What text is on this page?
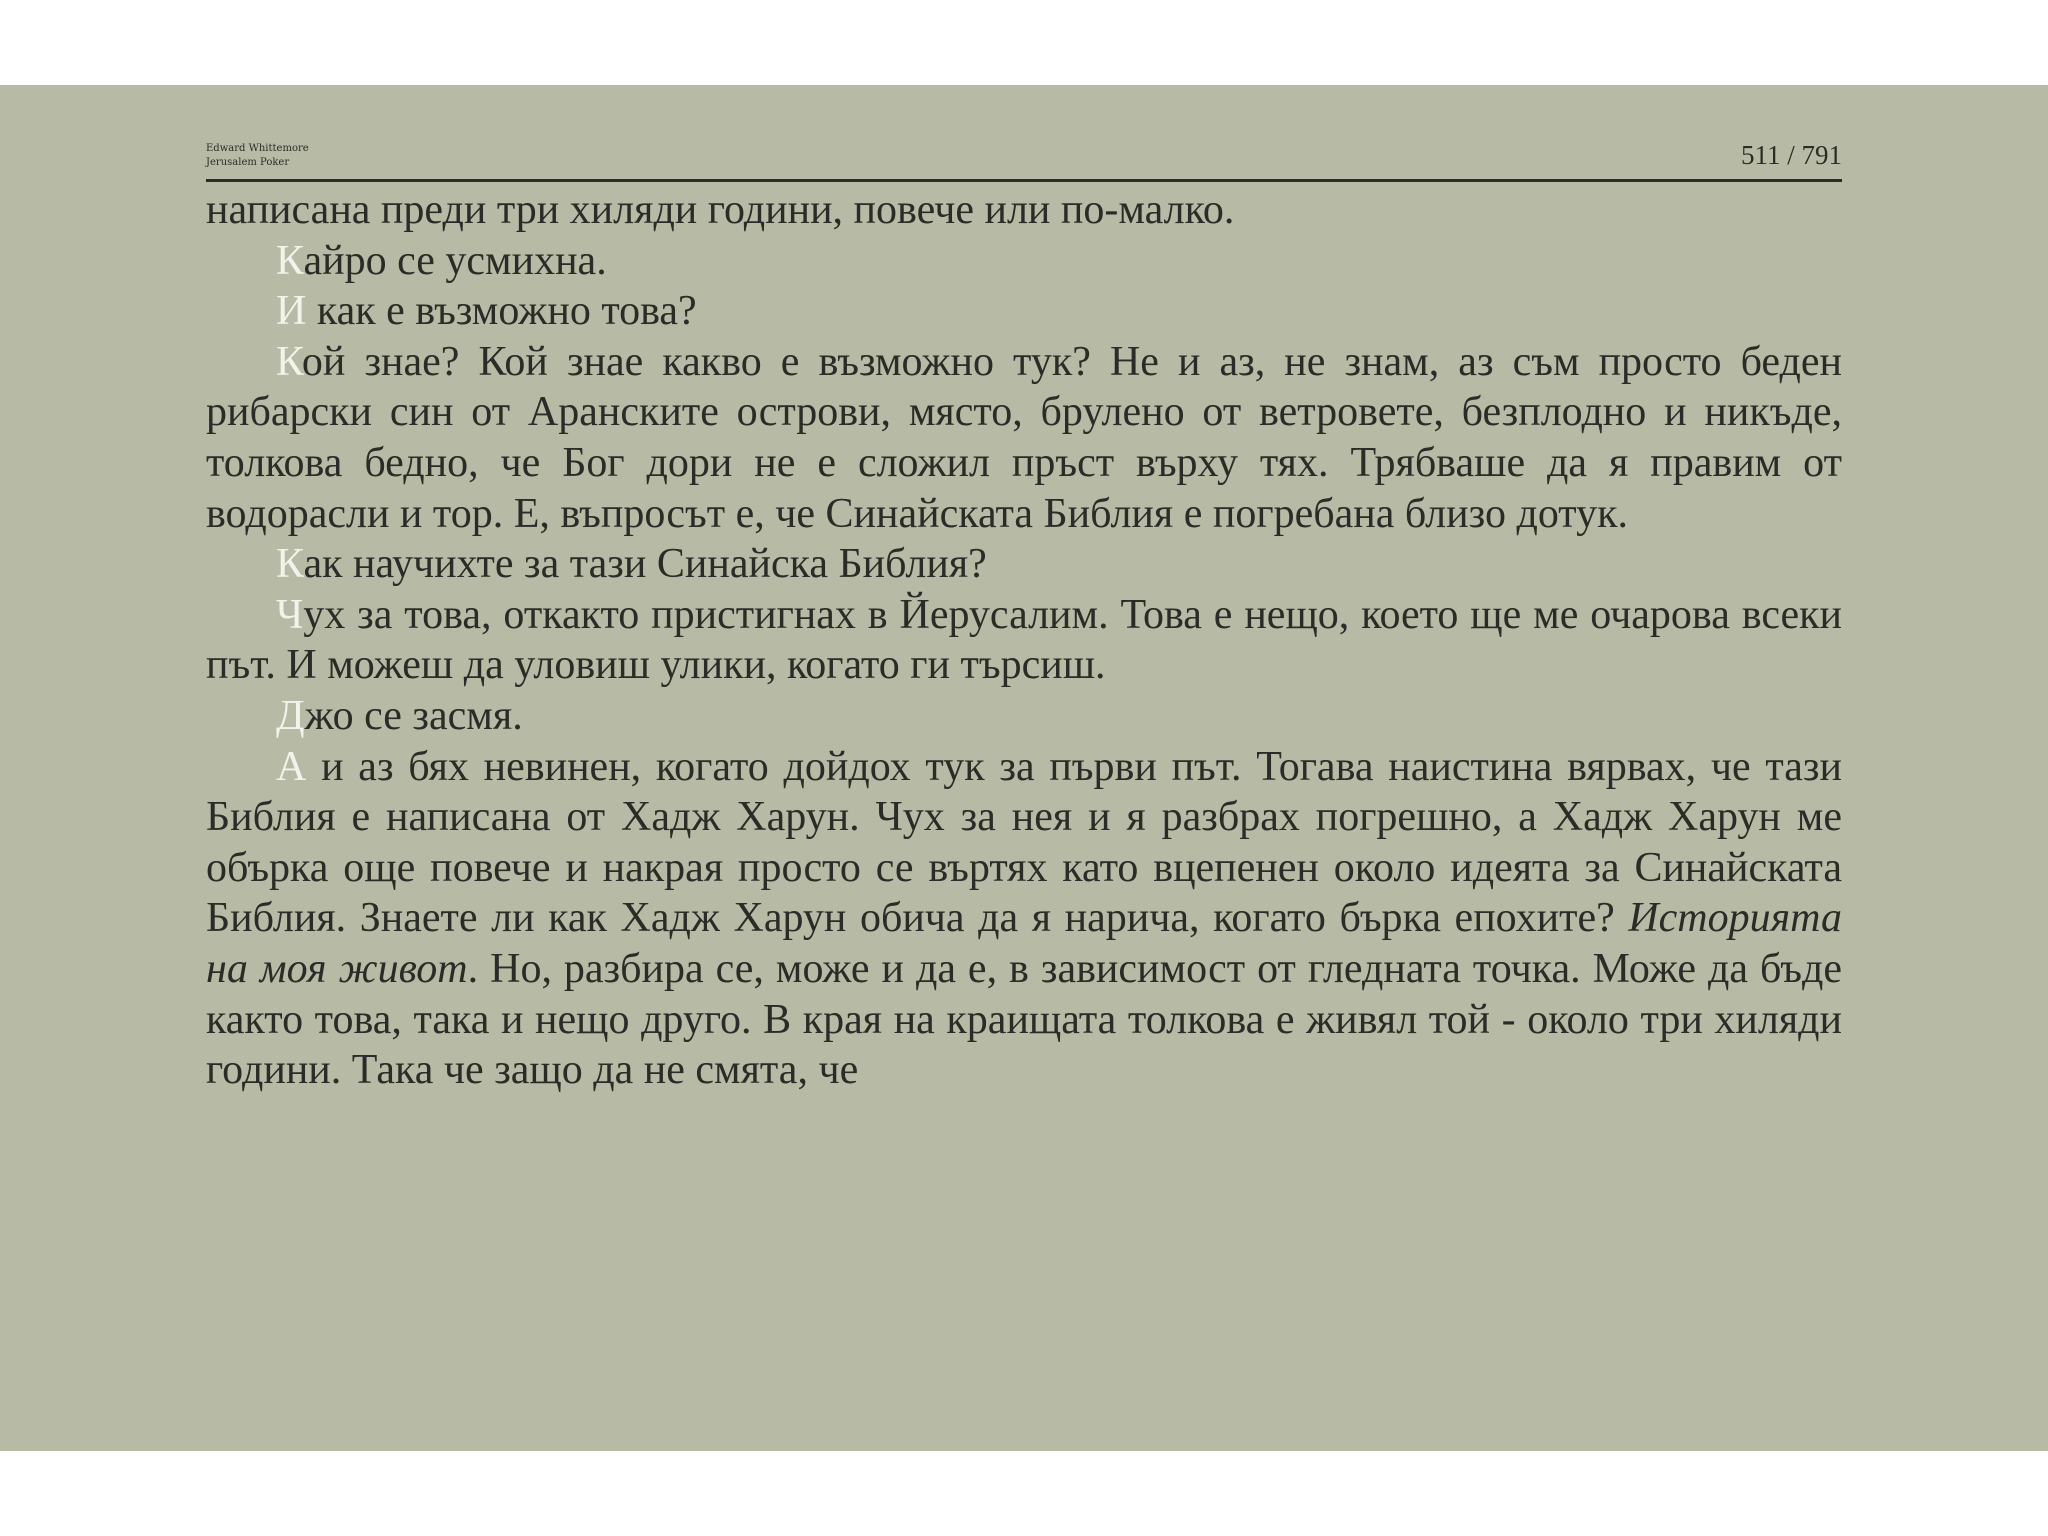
Edward Whittemore
Jerusalem Poker	511 / 791

написана преди три хиляди години, повече или по-малко.

Кайро се усмихна.

И как е възможно това?

Кой знае? Кой знае какво е възможно тук? Не и аз, не знам, аз съм просто беден рибарски син от Аранските острови, място, брулено от ветровете, безплодно и никъде, толкова бедно, че Бог дори не е сложил пръст върху тях. Трябваше да я правим от водорасли и тор. Е, въпросът е, че Синайската Библия е погребана близо дотук.

Как научихте за тази Синайска Библия?

Чух за това, откакто пристигнах в Йерусалим. Това е нещо, което ще ме очарова всеки път. И можеш да уловиш улики, когато ги търсиш.

Джо се засмя.

А и аз бях невинен, когато дойдох тук за първи път. Тогава наистина вярвах, че тази Библия е написана от Хадж Харун. Чух за нея и я разбрах погрешно, а Хадж Харун ме обърка още повече и накрая просто се въртях като вцепенен около идеята за Синайската Библия. Знаете ли как Хадж Харун обича да я нарича, когато бърка епохите? Историята на моя живот. Но, разбира се, може и да е, в зависимост от гледната точка. Може да бъде както това, така и нещо друго. В края на краищата толкова е живял той - около три хиляди години. Така че защо да не смята, че
